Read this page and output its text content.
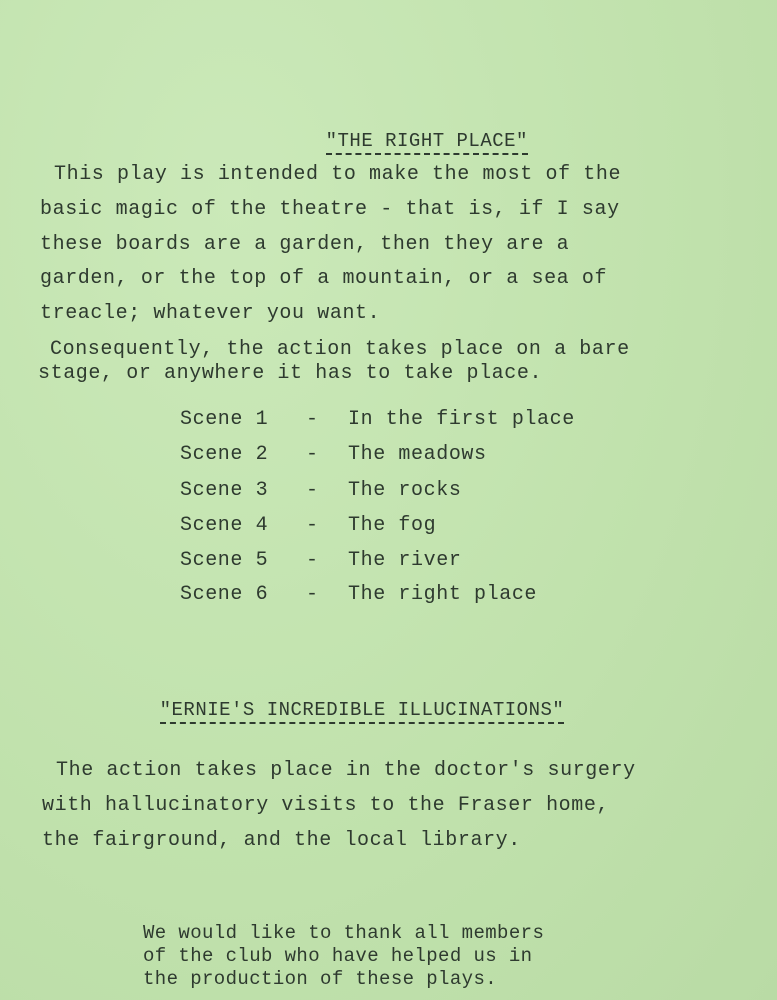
"THE RIGHT PLACE"

This play is intended to make the most of the
basic magic of the theatre - that is, if I say
these boards are a garden, then they are a
garden, or the top of a mountain, or a sea of
treacle; whatever you want.
Consequently, the action takes place on a bare
stage, or anywhere it has to take place.
Scene 1 - In the first place
Scene 2 - The meadows
Scene 3 - The rocks
Scene 4 - The fog
Scene 5 - The river
Scene 6 - The right place

"ERNIE'S INCREDIBLE ILLUCINATIONS"

The action takes place in the doctor's surgery
with hallucinatory visits to the Fraser home,
the fairground, and the local library.
We would like to thank all members
of the club who have helped us in
the production of these plays.
